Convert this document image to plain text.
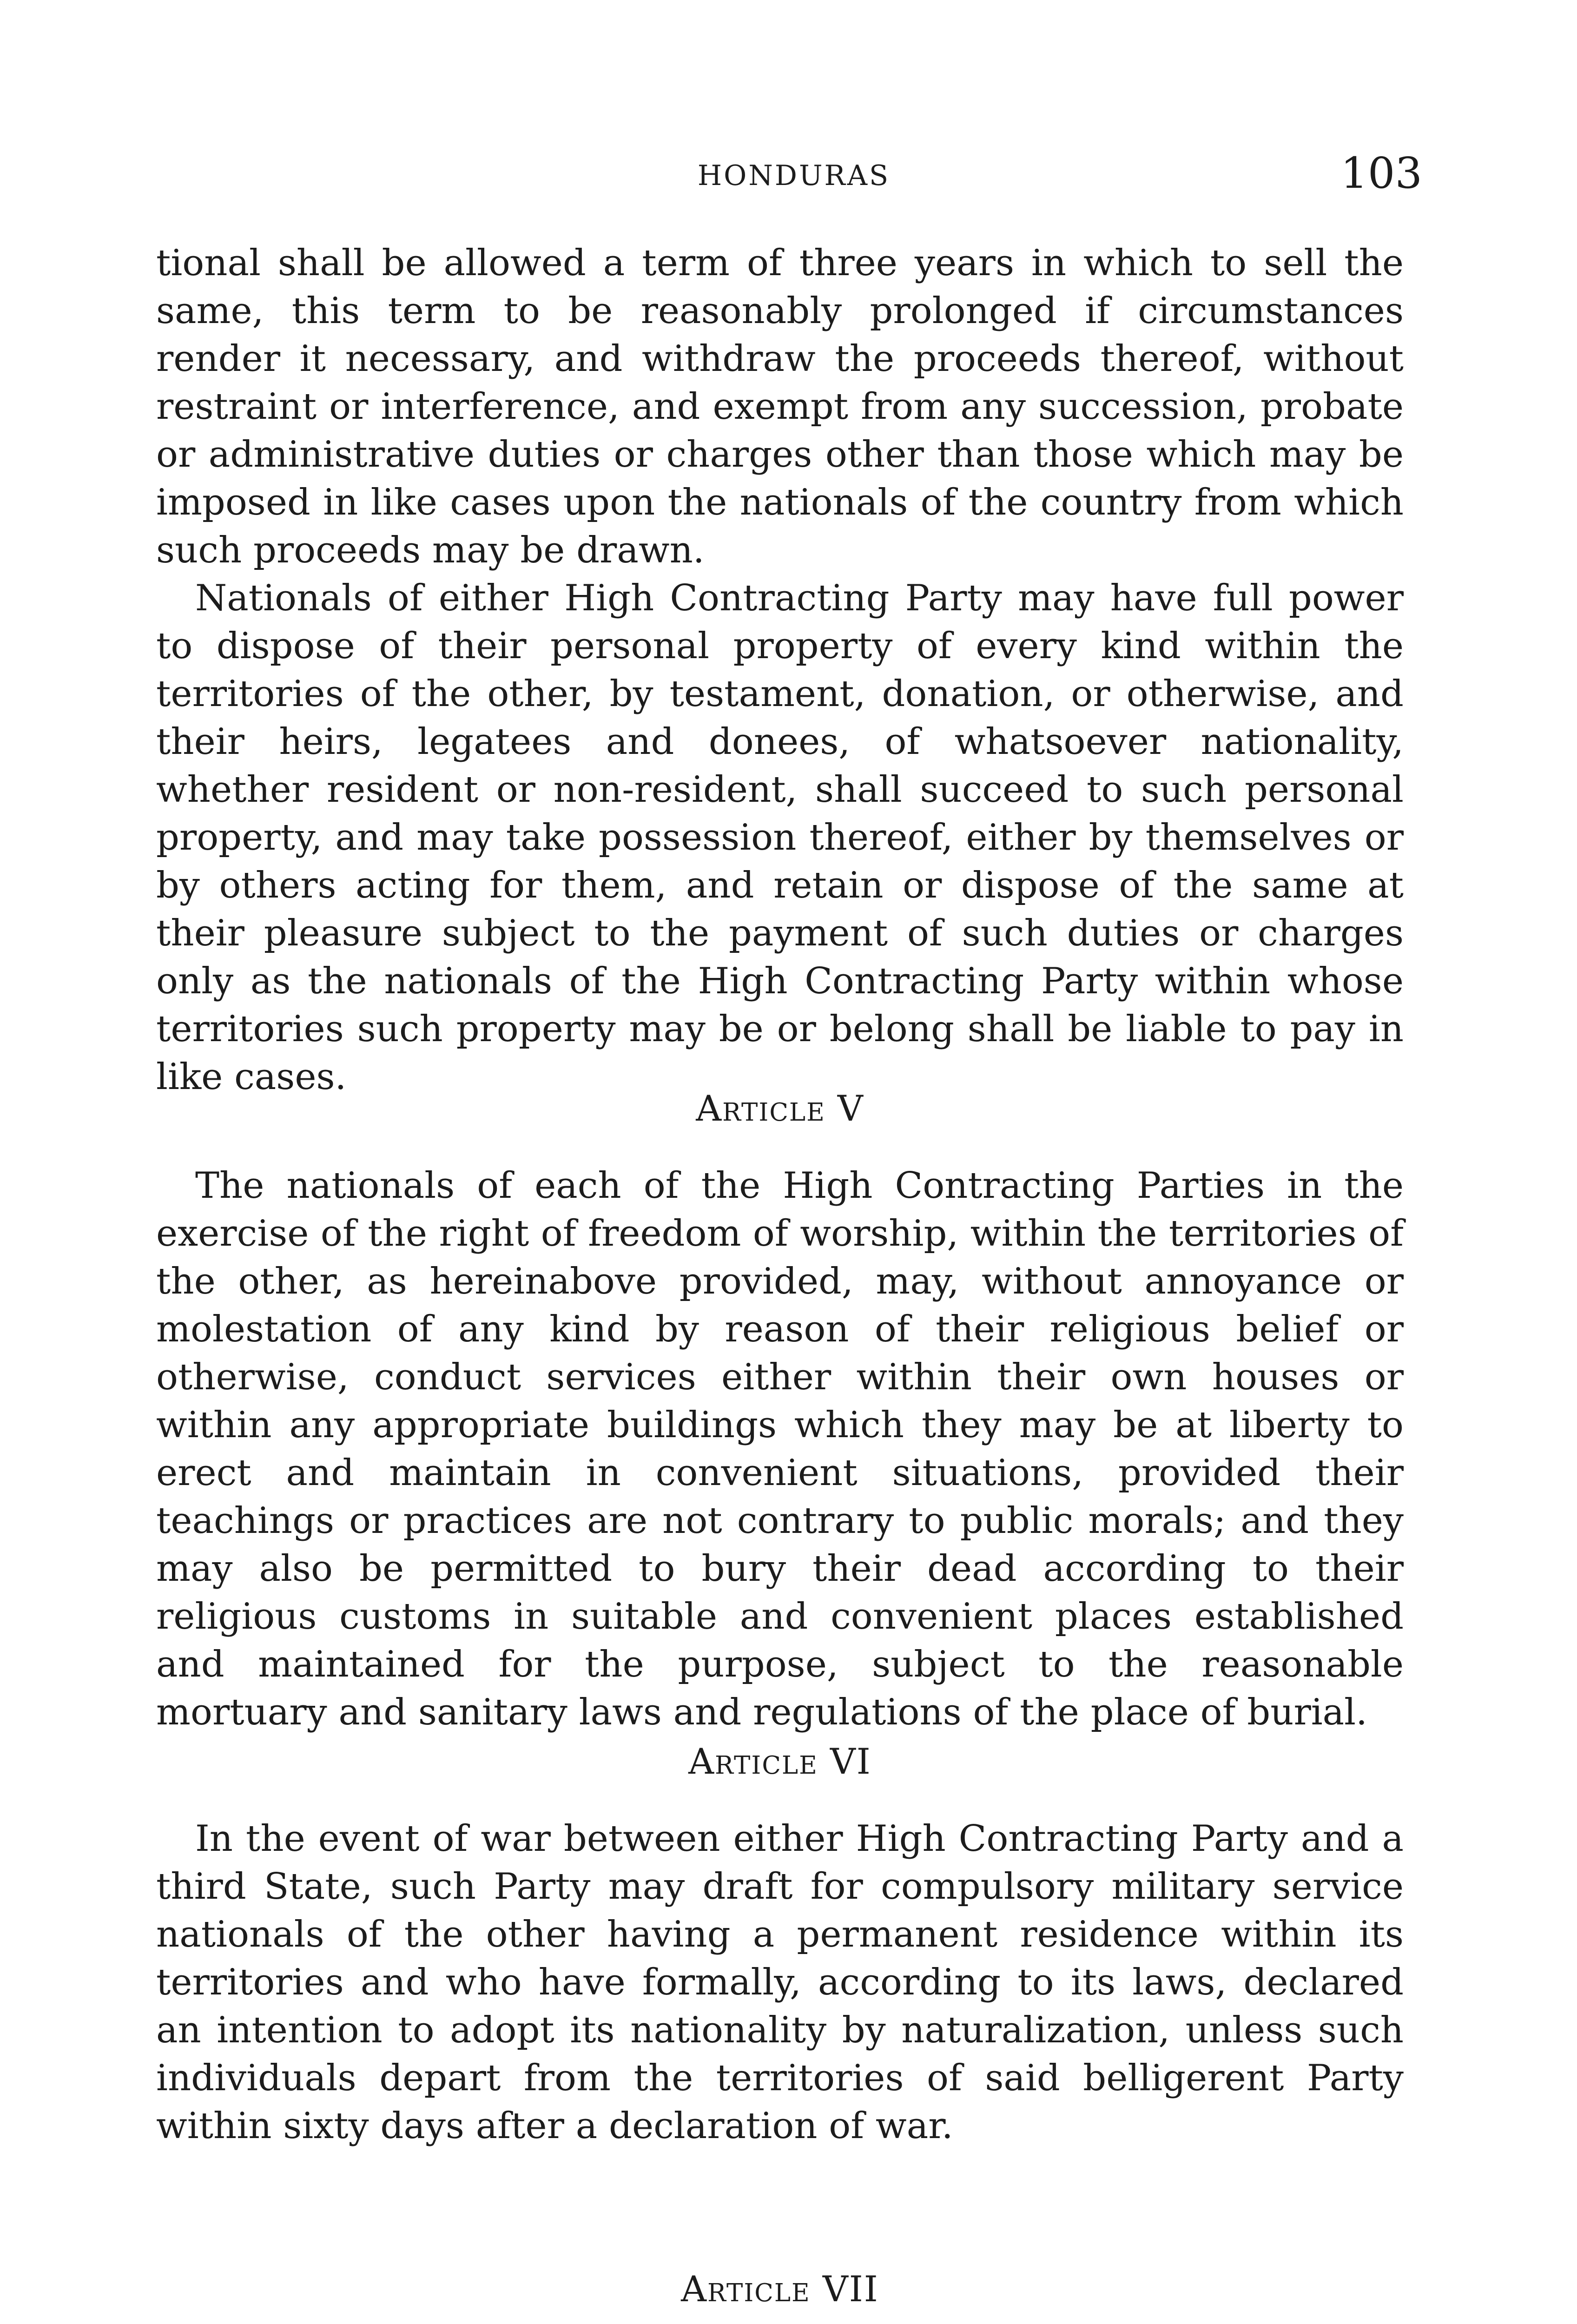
HONDURAS	103

tional shall be allowed a term of three years in which to sell the same, this term to be reasonably prolonged if circumstances render it necessary, and withdraw the proceeds thereof, without restraint or interference, and exempt from any succession, probate or administrative duties or charges other than those which may be imposed in like cases upon the nationals of the country from which such proceeds may be drawn.

Nationals of either High Contracting Party may have full power to dispose of their personal property of every kind within the territories of the other, by testament, donation, or otherwise, and their heirs, legatees and donees, of whatsoever nationality, whether resident or non-resident, shall succeed to such personal property, and may take possession thereof, either by themselves or by others acting for them, and retain or dispose of the same at their pleasure subject to the payment of such duties or charges only as the nationals of the High Contracting Party within whose territories such property may be or belong shall be liable to pay in like cases.

Article V

The nationals of each of the High Contracting Parties in the exercise of the right of freedom of worship, within the territories of the other, as hereinabove provided, may, without annoyance or molestation of any kind by reason of their religious belief or otherwise, conduct services either within their own houses or within any appropriate buildings which they may be at liberty to erect and maintain in convenient situations, provided their teachings or practices are not contrary to public morals; and they may also be permitted to bury their dead according to their religious customs in suitable and convenient places established and maintained for the purpose, subject to the reasonable mortuary and sanitary laws and regulations of the place of burial.

Article VI

In the event of war between either High Contracting Party and a third State, such Party may draft for compulsory military service nationals of the other having a permanent residence within its territories and who have formally, according to its laws, declared an intention to adopt its nationality by naturalization, unless such individuals depart from the territories of said belligerent Party within sixty days after a declaration of war.

Article VII
